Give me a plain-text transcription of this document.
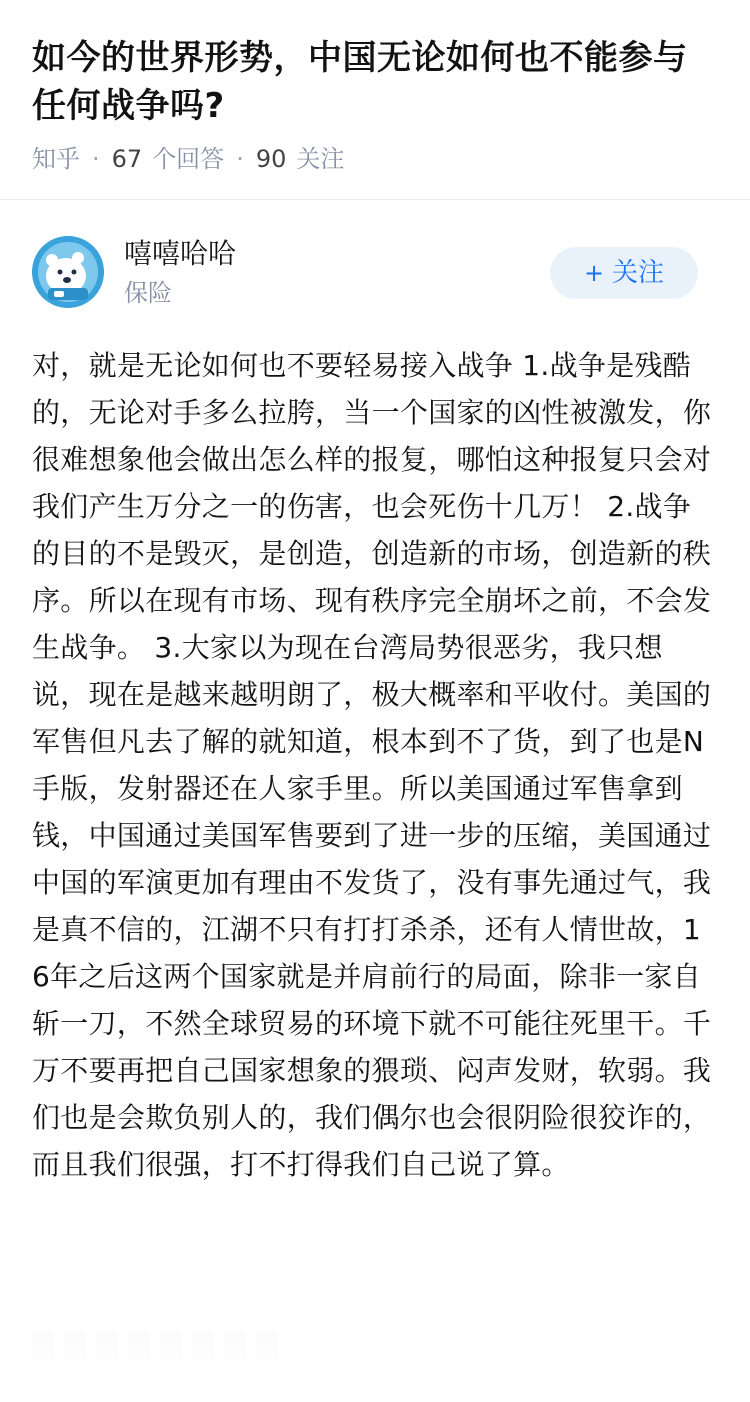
如今的世界形势，中国无论如何也不能参与任何战争吗?
知乎 · 67 个回答 · 90 关注
嘻嘻哈哈
保险
+ 关注
对，就是无论如何也不要轻易接入战争 1.战争是残酷的，无论对手多么拉胯，当一个国家的凶性被激发，你很难想象他会做出怎么样的报复，哪怕这种报复只会对我们产生万分之一的伤害，也会死伤十几万！ 2.战争的目的不是毁灭，是创造，创造新的市场，创造新的秩序。所以在现有市场、现有秩序完全崩坏之前，不会发生战争。 3.大家以为现在台湾局势很恶劣，我只想说，现在是越来越明朗了，极大概率和平收付。美国的军售但凡去了解的就知道，根本到不了货，到了也是N手版，发射器还在人家手里。所以美国通过军售拿到钱，中国通过美国军售要到了进一步的压缩，美国通过中国的军演更加有理由不发货了，没有事先通过气，我是真不信的，江湖不只有打打杀杀，还有人情世故，16年之后这两个国家就是并肩前行的局面，除非一家自斩一刀，不然全球贸易的环境下就不可能往死里干。千万不要再把自己国家想象的猥琐、闷声发财，软弱。我们也是会欺负别人的，我们偶尔也会很阴险很狡诈的，而且我们很强，打不打得我们自己说了算。
